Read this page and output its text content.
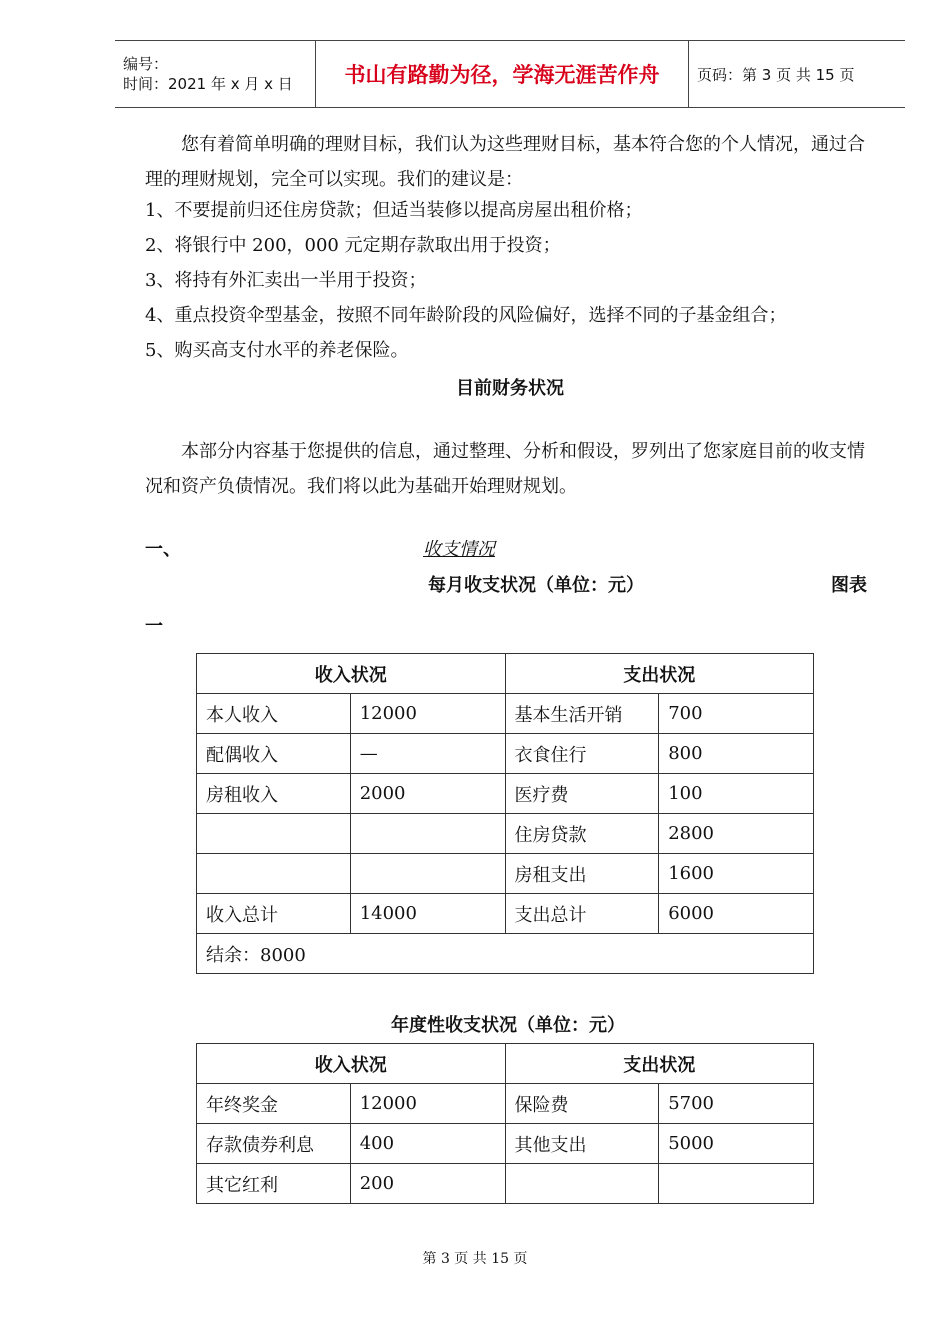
编号：
时间：2021 年 x 月 x 日	书山有路勤为径，学海无涯苦作舟	页码：第 3 页 共 15 页
您有着简单明确的理财目标，我们认为这些理财目标，基本符合您的个人情况，通过合理的理财规划，完全可以实现。我们的建议是：
1、不要提前归还住房贷款；但适当装修以提高房屋出租价格；
2、将银行中 200，000 元定期存款取出用于投资；
3、将持有外汇卖出一半用于投资；
4、重点投资伞型基金，按照不同年龄阶段的风险偏好，选择不同的子基金组合；
5、购买高支付水平的养老保险。
目前财务状况
本部分内容基于您提供的信息，通过整理、分析和假设，罗列出了您家庭目前的收支情况和资产负债情况。我们将以此为基础开始理财规划。
一、	收支情况
每月收支状况（单位：元）	图表
一
收入状况		支出状况	
本人收入	12000	基本生活开销	700
配偶收入	—	衣食住行	800
房租收入	2000	医疗费	100
		住房贷款	2800
		房租支出	1600
收入总计	14000	支出总计	6000
结余：8000			
年度性收支状况（单位：元）
收入状况		支出状况	
年终奖金	12000	保险费	5700
存款债券利息	400	其他支出	5000
其它红利	200		
第 3 页 共 15 页
